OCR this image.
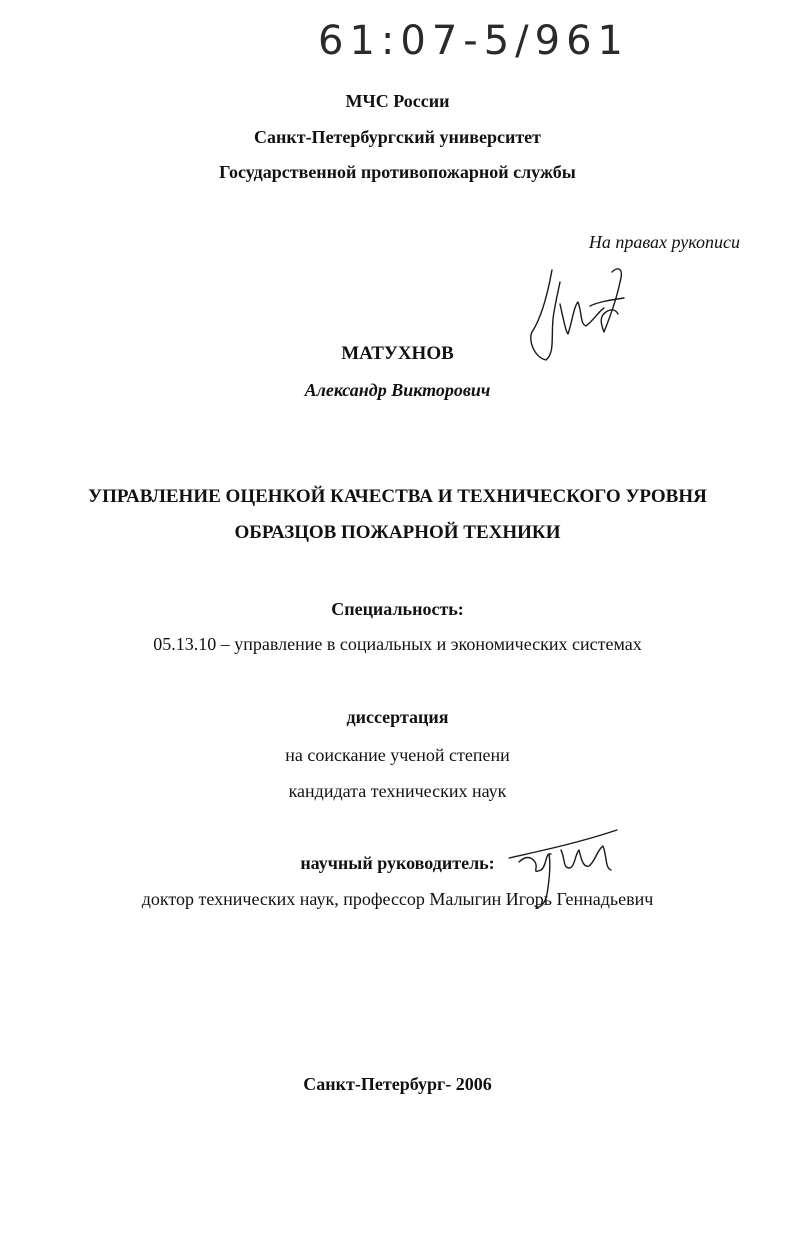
61:07-5/961
МЧС России
Санкт-Петербургский университет
Государственной противопожарной службы
На правах рукописи
МАТУХНОВ
Александр Викторович
УПРАВЛЕНИЕ ОЦЕНКОЙ КАЧЕСТВА И ТЕХНИЧЕСКОГО УРОВНЯ
ОБРАЗЦОВ ПОЖАРНОЙ ТЕХНИКИ
Специальность:
05.13.10 – управление в социальных и экономических системах
диссертация
на соискание ученой степени
кандидата технических наук
научный руководитель:
доктор технических наук, профессор Малыгин Игорь Геннадьевич
Санкт-Петербург- 2006
